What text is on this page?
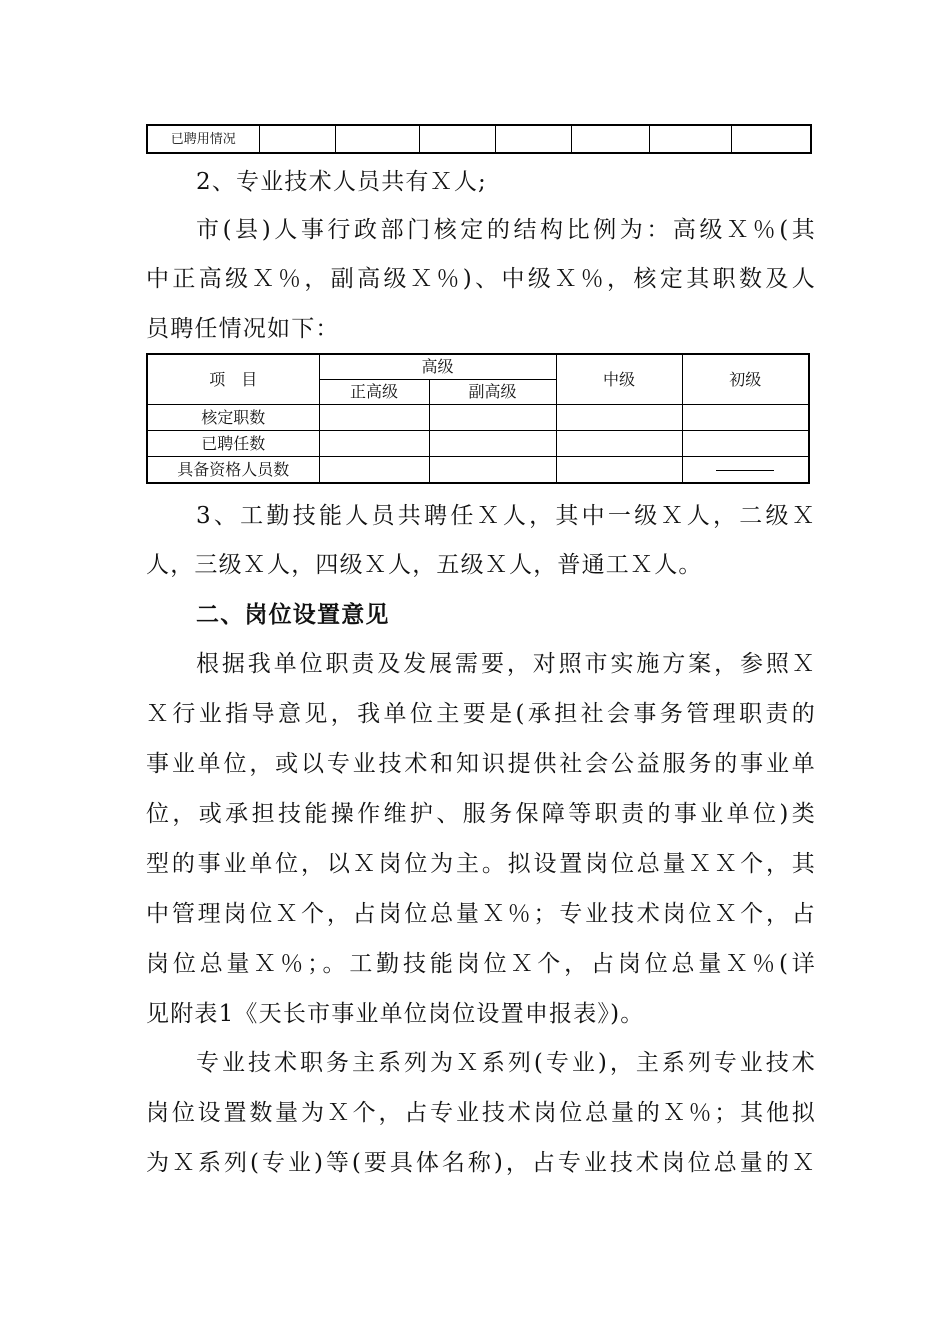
已聘用情况							
2、专业技术人员共有Ｘ人;
市(县)人事行政部门核定的结构比例为：高级Ｘ％(其
中正高级Ｘ％，副高级Ｘ％)、中级Ｘ％，核定其职数及人
员聘任情况如下：
项　目	高级		中级	初级
	正高级	副高级		
核定职数				
已聘任数				
具备资格人员数				
3、工勤技能人员共聘任Ｘ人，其中一级Ｘ人，二级Ｘ
人，三级Ｘ人，四级Ｘ人，五级Ｘ人，普通工Ｘ人。
二、岗位设置意见
根据我单位职责及发展需要，对照市实施方案，参照Ｘ
Ｘ行业指导意见，我单位主要是(承担社会事务管理职责的
事业单位，或以专业技术和知识提供社会公益服务的事业单
位，或承担技能操作维护、服务保障等职责的事业单位)类
型的事业单位，以Ｘ岗位为主。拟设置岗位总量ＸＸ个，其
中管理岗位Ｘ个，占岗位总量Ｘ％；专业技术岗位Ｘ个，占
岗位总量Ｘ％；。工勤技能岗位Ｘ个，占岗位总量Ｘ％(详
见附表1《天长市事业单位岗位设置申报表》)。
专业技术职务主系列为Ｘ系列(专业)，主系列专业技术
岗位设置数量为Ｘ个，占专业技术岗位总量的Ｘ％；其他拟
为Ｘ系列(专业)等(要具体名称)，占专业技术岗位总量的Ｘ
